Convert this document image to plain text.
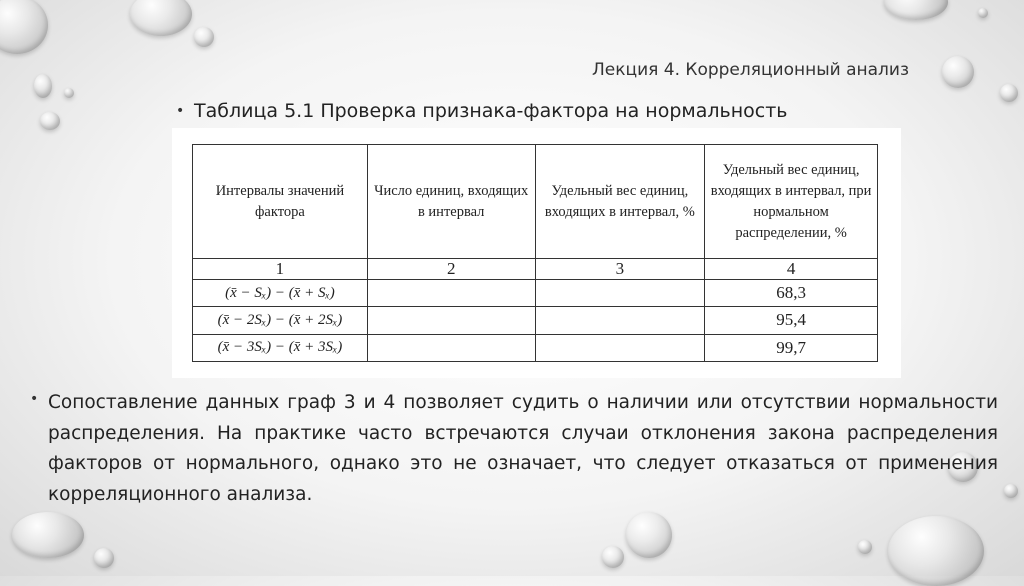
Лекция 4. Корреляционный анализ
• Таблица 5.1 Проверка признака-фактора на нормальность
Интервалы значений фактора	Число единиц, входящих в интервал	Удельный вес единиц, входящих в интервал, %	Удельный вес единиц, входящих в интервал, при нормальном распределении, %
1	2	3	4
(x̄ − Sₓ) − (x̄ + Sₓ)			68,3
(x̄ − 2Sₓ) − (x̄ + 2Sₓ)			95,4
(x̄ − 3Sₓ) − (x̄ + 3Sₓ)			99,7
• Сопоставление данных граф 3 и 4 позволяет судить о наличии или отсутствии нормальности распределения. На практике часто встречаются случаи отклонения закона распределения факторов от нормального, однако это не означает, что следует отказаться от применения корреляционного анализа.
